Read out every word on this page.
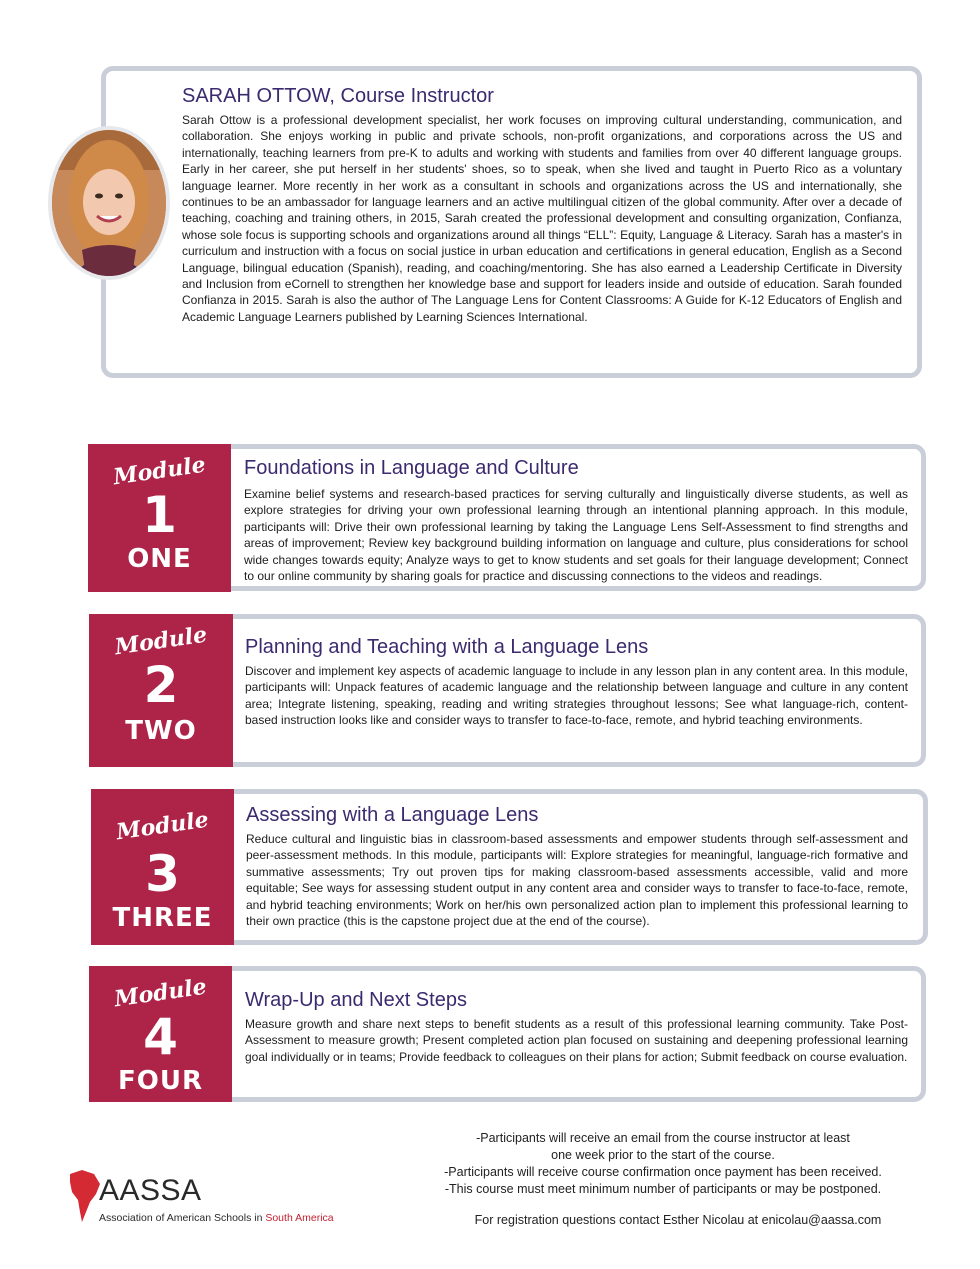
SARAH OTTOW, Course Instructor
Sarah Ottow is a professional development specialist, her work focuses on improving cultural understanding, communication, and collaboration. She enjoys working in public and private schools, non-profit organizations, and corporations across the US and internationally, teaching learners from pre-K to adults and working with students and families from over 40 different language groups. Early in her career, she put herself in her students' shoes, so to speak, when she lived and taught in Puerto Rico as a voluntary language learner. More recently in her work as a consultant in schools and organizations across the US and internationally, she continues to be an ambassador for language learners and an active multilingual citizen of the global community. After over a decade of teaching, coaching and training others, in 2015, Sarah created the professional development and consulting organization, Confianza, whose sole focus is supporting schools and organizations around all things “ELL”: Equity, Language & Literacy. Sarah has a master's in curriculum and instruction with a focus on social justice in urban education and certifications in general education, English as a Second Language, bilingual education (Spanish), reading, and coaching/mentoring. She has also earned a Leadership Certificate in Diversity and Inclusion from eCornell to strengthen her knowledge base and support for leaders inside and outside of education. Sarah founded Confianza in 2015. Sarah is also the author of The Language Lens for Content Classrooms: A Guide for K-12 Educators of English and Academic Language Learners published by Learning Sciences International.
Module
1
ONE
Foundations in Language and Culture
Examine belief systems and research-based practices for serving culturally and linguistically diverse students, as well as explore strategies for driving your own professional learning through an intentional planning approach. In this module, participants will: Drive their own professional learning by taking the Language Lens Self-Assessment to find strengths and areas of improvement; Review key background building information on language and culture, plus considerations for school wide changes towards equity; Analyze ways to get to know students and set goals for their language development; Connect to our online community by sharing goals for practice and discussing connections to the videos and readings.
Module
2
TWO
Planning and Teaching with a Language Lens
Discover and implement key aspects of academic language to include in any lesson plan in any content area. In this module, participants will: Unpack features of academic language and the relationship between language and culture in any content area; Integrate listening, speaking, reading and writing strategies throughout lessons; See what language-rich, content-based instruction looks like and consider ways to transfer to face-to-face, remote, and hybrid teaching environments.
Module
3
THREE
Assessing with a Language Lens
Reduce cultural and linguistic bias in classroom-based assessments and empower students through self-assessment and peer-assessment methods. In this module, participants will: Explore strategies for meaningful, language-rich formative and summative assessments; Try out proven tips for making classroom-based assessments accessible, valid and more equitable; See ways for assessing student output in any content area and consider ways to transfer to face-to-face, remote, and hybrid teaching environments; Work on her/his own personalized action plan to implement this professional learning to their own practice (this is the capstone project due at the end of the course).
Module
4
FOUR
Wrap-Up and Next Steps
Measure growth and share next steps to benefit students as a result of this professional learning community. Take Post-Assessment to measure growth; Present completed action plan focused on sustaining and deepening professional learning goal individually or in teams; Provide feedback to colleagues on their plans for action; Submit feedback on course evaluation.
AASSA
Association of American Schools in South America
-Participants will receive an email from the course instructor at least
one week prior to the start of the course.
-Participants will receive course confirmation once payment has been received.
-This course must meet minimum number of participants or may be postponed.
For registration questions contact Esther Nicolau at enicolau@aassa.com
